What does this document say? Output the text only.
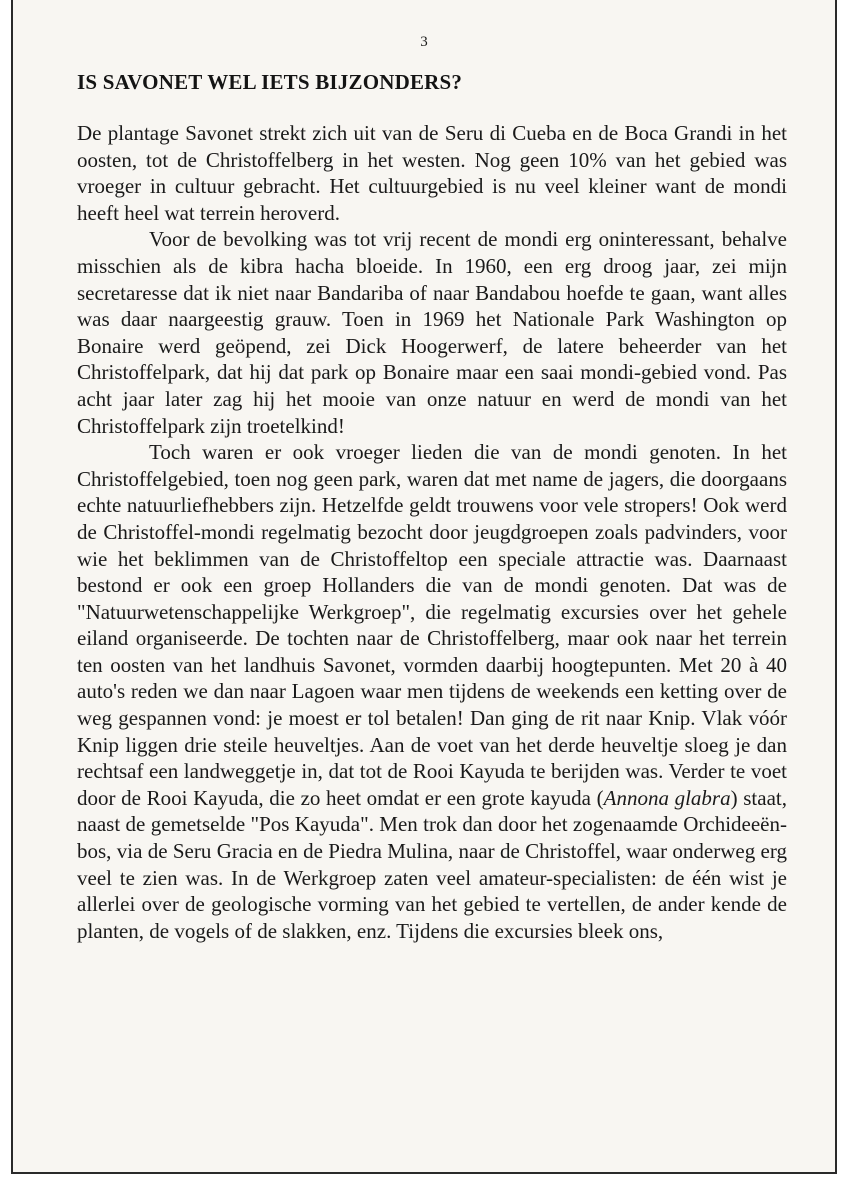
3
IS SAVONET WEL IETS BIJZONDERS?

De plantage Savonet strekt zich uit van de Seru di Cueba en de Boca Grandi in het oosten, tot de Christoffelberg in het westen. Nog geen 10% van het gebied was vroeger in cultuur gebracht. Het cultuurgebied is nu veel kleiner want de mondi heeft heel wat terrein heroverd.

Voor de bevolking was tot vrij recent de mondi erg oninteressant, behalve misschien als de kibra hacha bloeide. In 1960, een erg droog jaar, zei mijn secretaresse dat ik niet naar Bandariba of naar Bandabou hoefde te gaan, want alles was daar naargeestig grauw. Toen in 1969 het Nationale Park Washington op Bonaire werd geöpend, zei Dick Hoogerwerf, de latere beheerder van het Christoffelpark, dat hij dat park op Bonaire maar een saai mondi-gebied vond. Pas acht jaar later zag hij het mooie van onze natuur en werd de mondi van het Christoffelpark zijn troetelkind!

Toch waren er ook vroeger lieden die van de mondi genoten. In het Christoffelgebied, toen nog geen park, waren dat met name de jagers, die doorgaans echte natuurliefhebbers zijn. Hetzelfde geldt trouwens voor vele stropers! Ook werd de Christoffel-mondi regelmatig bezocht door jeugdgroepen zoals padvinders, voor wie het beklimmen van de Christoffeltop een speciale attractie was. Daarnaast bestond er ook een groep Hollanders die van de mondi genoten. Dat was de "Natuurwetenschappelijke Werkgroep", die regelmatig excursies over het gehele eiland organiseerde. De tochten naar de Christoffelberg, maar ook naar het terrein ten oosten van het landhuis Savonet, vormden daarbij hoogtepunten. Met 20 à 40 auto's reden we dan naar Lagoen waar men tijdens de weekends een ketting over de weg gespannen vond: je moest er tol betalen! Dan ging de rit naar Knip. Vlak vóór Knip liggen drie steile heuveltjes. Aan de voet van het derde heuveltje sloeg je dan rechtsaf een landweggetje in, dat tot de Rooi Kayuda te berijden was. Verder te voet door de Rooi Kayuda, die zo heet omdat er een grote kayuda (Annona glabra) staat, naast de gemetselde "Pos Kayuda". Men trok dan door het zogenaamde Orchideeën-bos, via de Seru Gracia en de Piedra Mulina, naar de Christoffel, waar onderweg erg veel te zien was. In de Werkgroep zaten veel amateur-specialisten: de één wist je allerlei over de geologische vorming van het gebied te vertellen, de ander kende de planten, de vogels of de slakken, enz. Tijdens die excursies bleek ons,
